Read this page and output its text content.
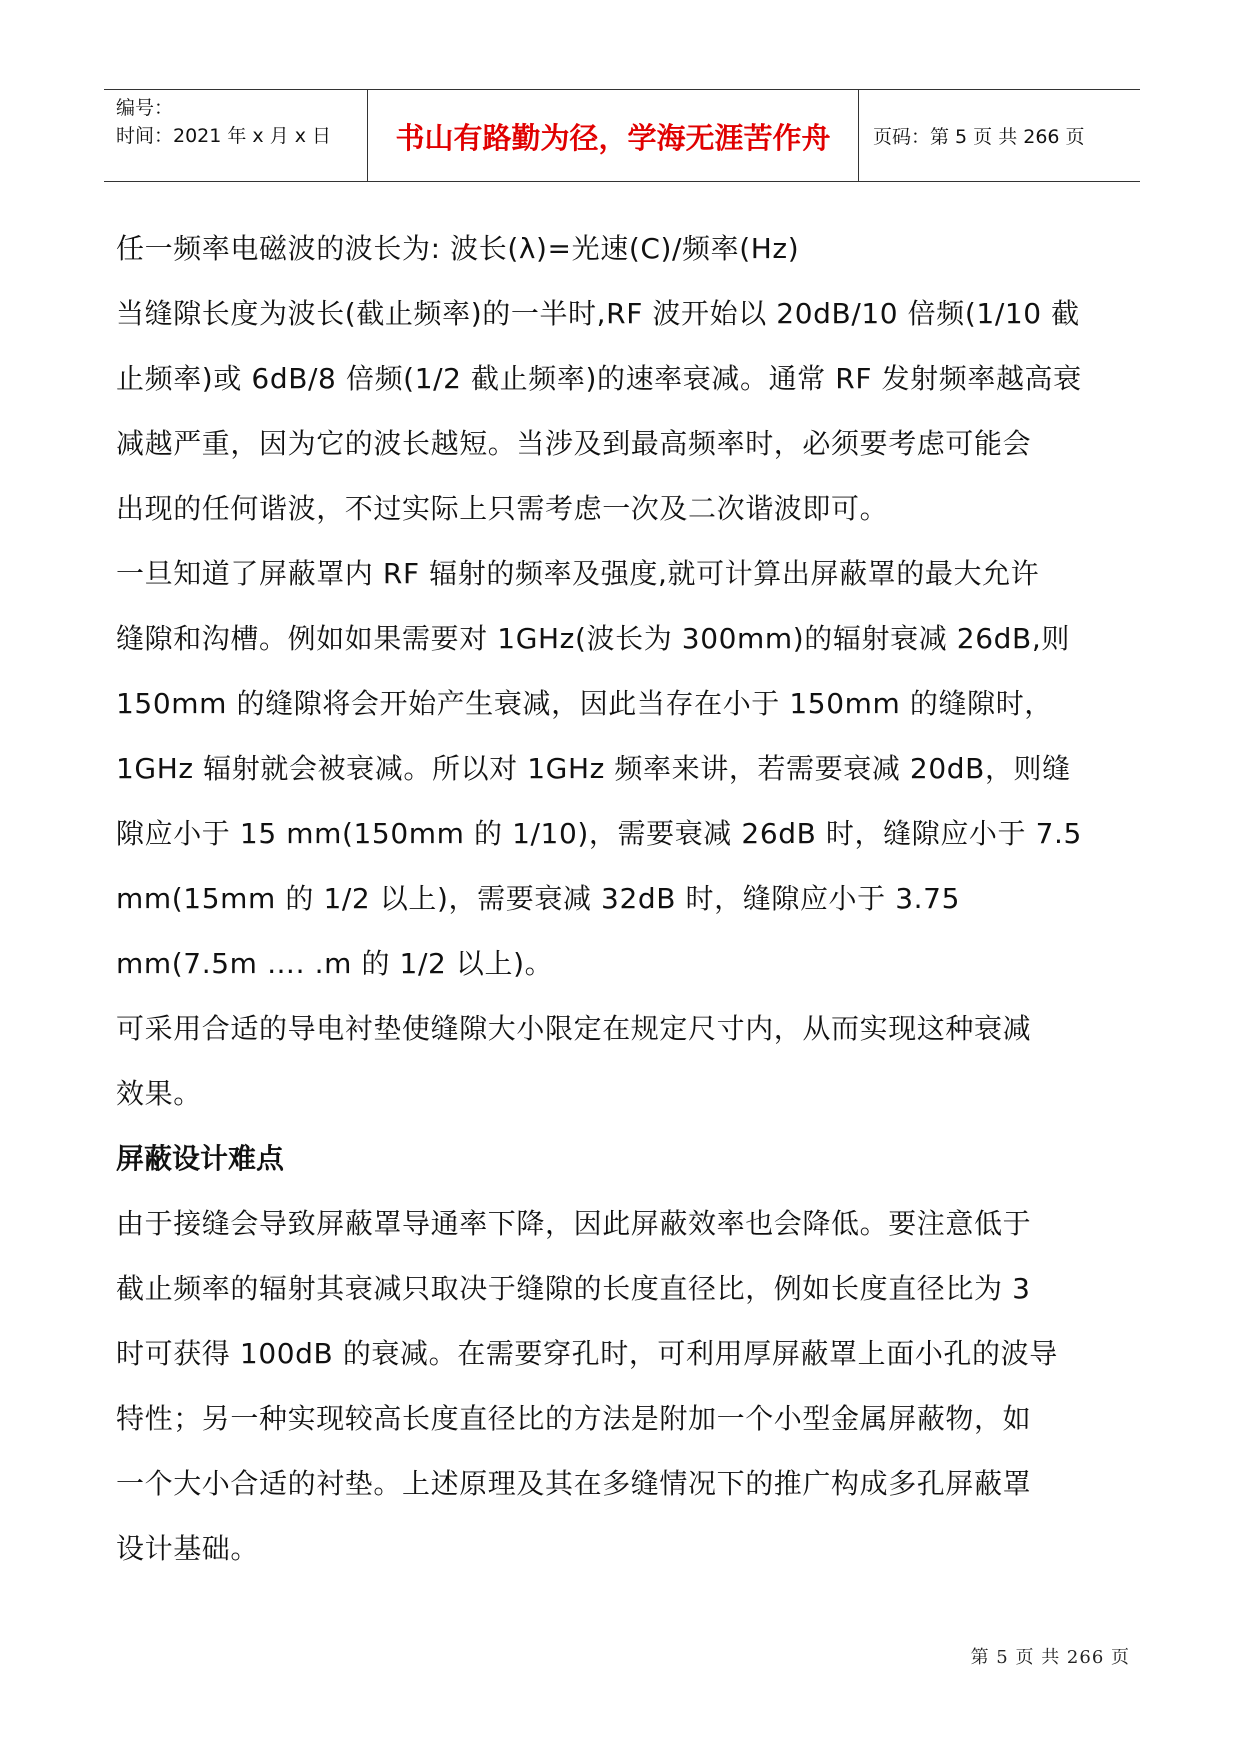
编号：
时间：2021 年 x 月 x 日	书山有路勤为径，学海无涯苦作舟	页码：第 5 页 共 266 页

任一频率电磁波的波长为: 波长(λ)=光速(C)/频率(Hz)

当缝隙长度为波长(截止频率)的一半时,RF 波开始以 20dB/10 倍频(1/10 截

止频率)或 6dB/8 倍频(1/2 截止频率)的速率衰减。通常 RF 发射频率越高衰

减越严重，因为它的波长越短。当涉及到最高频率时，必须要考虑可能会

出现的任何谐波，不过实际上只需考虑一次及二次谐波即可。

一旦知道了屏蔽罩内 RF 辐射的频率及强度,就可计算出屏蔽罩的最大允许

缝隙和沟槽。例如如果需要对 1GHz(波长为 300mm)的辐射衰减 26dB,则

150mm 的缝隙将会开始产生衰减，因此当存在小于 150mm 的缝隙时，

1GHz 辐射就会被衰减。所以对 1GHz 频率来讲，若需要衰减 20dB，则缝

隙应小于 15 mm(150mm 的 1/10)，需要衰减 26dB 时，缝隙应小于 7.5

mm(15mm 的 1/2 以上)，需要衰减 32dB 时，缝隙应小于 3.75

mm(7.5m …. .m 的 1/2 以上)。

可采用合适的导电衬垫使缝隙大小限定在规定尺寸内，从而实现这种衰减

效果。

屏蔽设计难点

由于接缝会导致屏蔽罩导通率下降，因此屏蔽效率也会降低。要注意低于

截止频率的辐射其衰减只取决于缝隙的长度直径比，例如长度直径比为 3

时可获得 100dB 的衰减。在需要穿孔时，可利用厚屏蔽罩上面小孔的波导

特性；另一种实现较高长度直径比的方法是附加一个小型金属屏蔽物，如

一个大小合适的衬垫。上述原理及其在多缝情况下的推广构成多孔屏蔽罩

设计基础。

第 5 页 共 266 页
